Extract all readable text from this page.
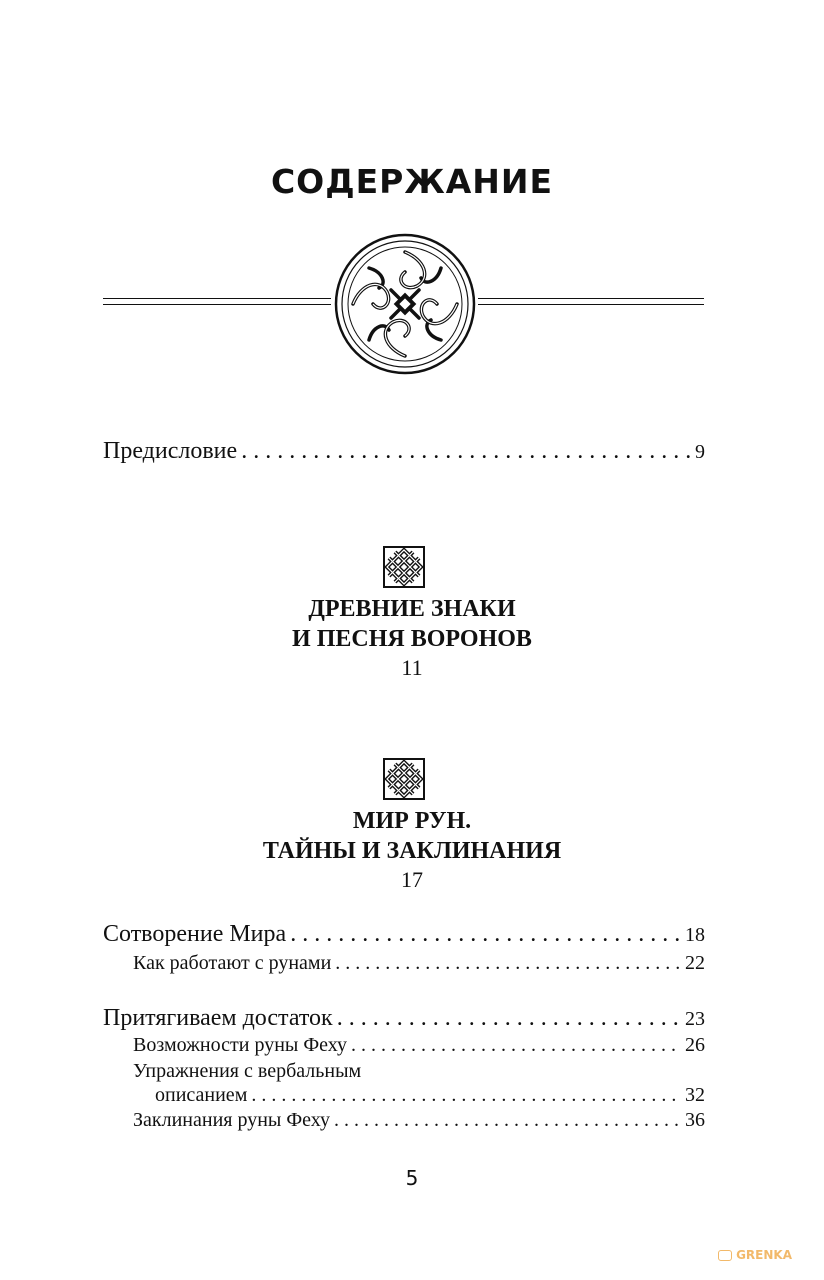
СОДЕРЖАНИЕ
Предисловие . . .	9
ДРЕВНИЕ ЗНАКИ
И ПЕСНЯ ВОРОНОВ
11
МИР РУН.
ТАЙНЫ И ЗАКЛИНАНИЯ
17
Сотворение Мира . . .	18
Как работают с рунами . . .	22
Притягиваем достаток . . .	23
Возможности руны Феху . . .	26
Упражнения с вербальным
описанием . . .	32
Заклинания руны Феху . . .	36
5
GRENKA
